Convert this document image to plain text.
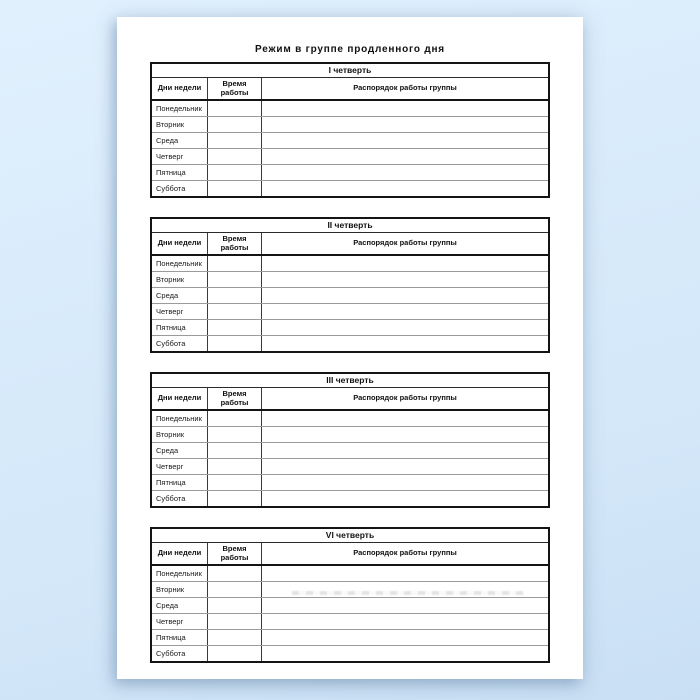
Режим в группе продленного дня
I четверть
Дни недели	Время работы	Распорядок работы группы
Понедельник
Вторник
Среда
Четверг
Пятница
Суббота
II четверть
Дни недели	Время работы	Распорядок работы группы
Понедельник
Вторник
Среда
Четверг
Пятница
Суббота
III четверть
Дни недели	Время работы	Распорядок работы группы
Понедельник
Вторник
Среда
Четверг
Пятница
Суббота
VI четверть
Дни недели	Время работы	Распорядок работы группы
Понедельник
Вторник
Среда
Четверг
Пятница
Суббота
